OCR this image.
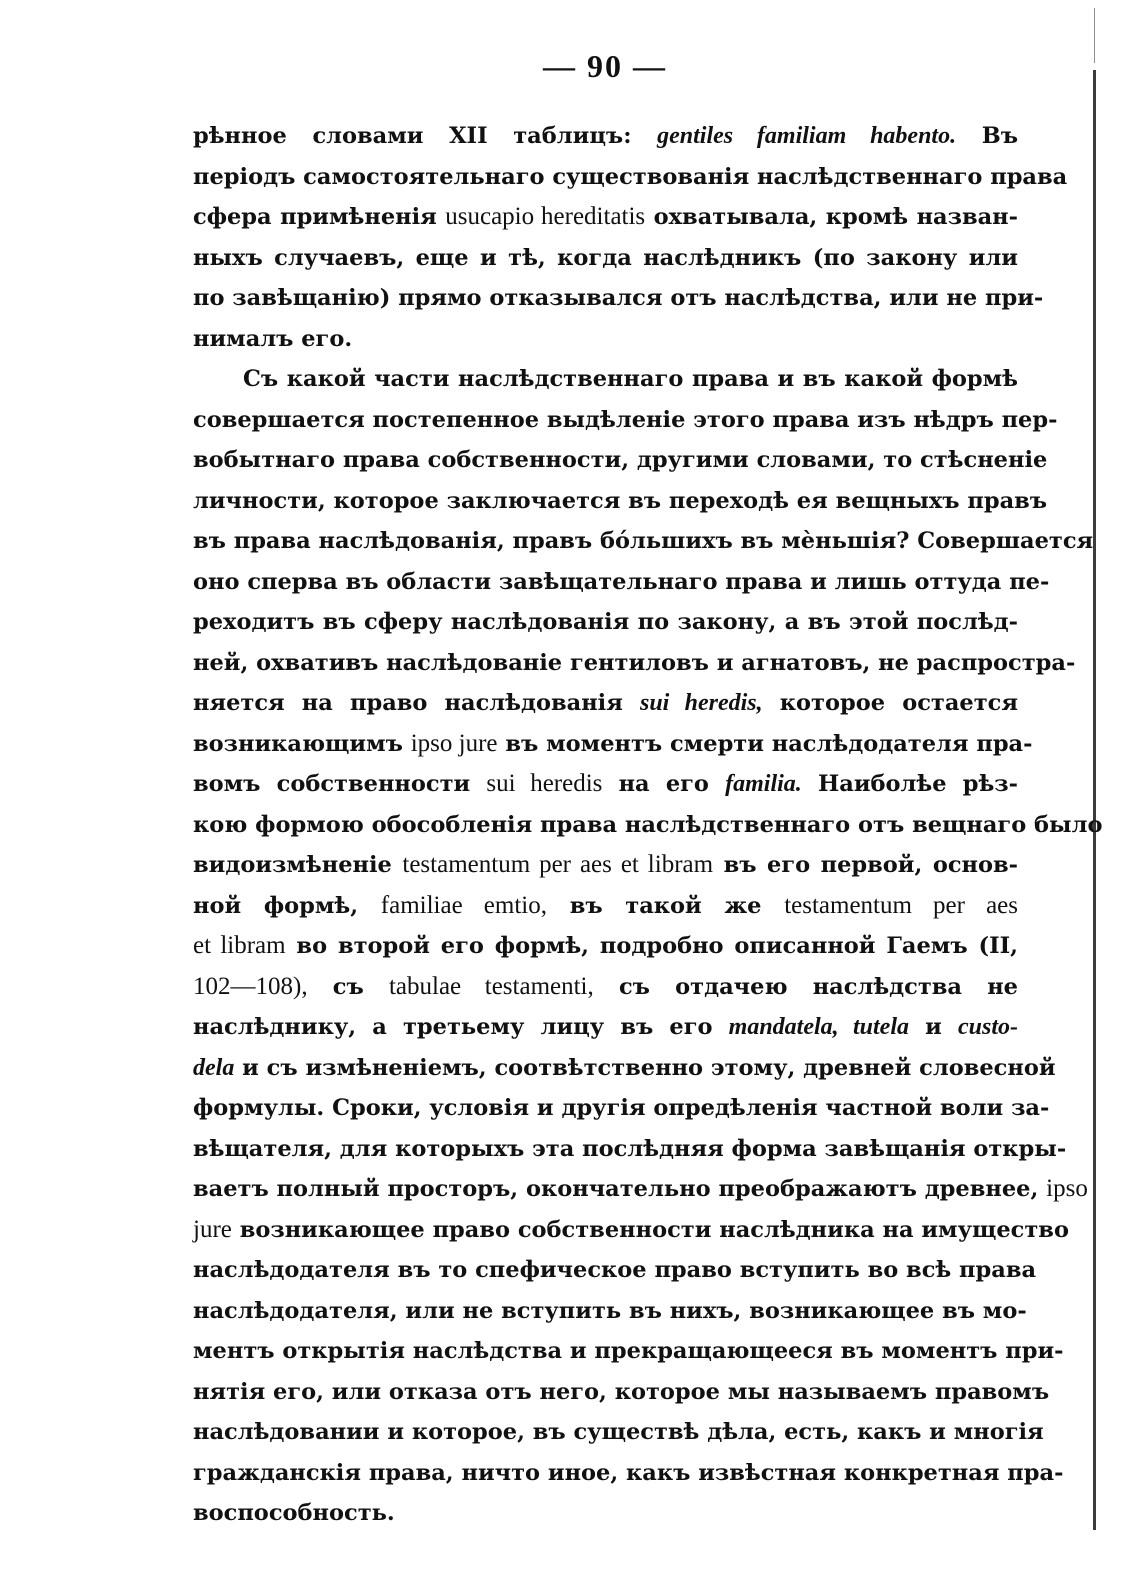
— 90 —

рѣнное словами XII таблицъ: gentiles familiam habento. Въ
періодъ самостоятельнаго существованія наслѣдственнаго права
сфера примѣненія usucapio hereditatis охватывала, кромѣ назван-
ныхъ случаевъ, еще и тѣ, когда наслѣдникъ (по закону или
по завѣщанію) прямо отказывался отъ наслѣдства, или не при-
нималъ его.
Съ какой части наслѣдственнаго права и въ какой формѣ
совершается постепенное выдѣленіе этого права изъ нѣдръ пер-
вобытнаго права собственности, другими словами, то стѣсненіе
личности, которое заключается въ переходѣ ея вещныхъ правъ
въ права наслѣдованія, правъ бо́льшихъ въ мѐньшія? Совершается
оно сперва въ области завѣщательнаго права и лишь оттуда пе-
реходитъ въ сферу наслѣдованія по закону, а въ этой послѣд-
ней, охвативъ наслѣдованіе гентиловъ и агнатовъ, не распростра-
няется на право наслѣдованія sui heredis, которое остается
возникающимъ ipso jure въ моментъ смерти наслѣдодателя пра-
вомъ собственности sui heredis на его familia. Наиболѣе рѣз-
кою формою обособленія права наслѣдственнаго отъ вещнаго было
видоизмѣненіе testamentum per aes et libram въ его первой, основ-
ной формѣ, familiae emtio, въ такой же testamentum per aes
et libram во второй его формѣ, подробно описанной Гаемъ (II,
102—108), съ tabulae testamenti, съ отдачею наслѣдства не
наслѣднику, а третьему лицу въ его mandatela, tutela и custo-
dela и съ измѣненіемъ, соотвѣтственно этому, древней словесной
формулы. Сроки, условія и другія опредѣленія частной воли за-
вѣщателя, для которыхъ эта послѣдняя форма завѣщанія откры-
ваетъ полный просторъ, окончательно преображаютъ древнее, ipso
jure возникающее право собственности наслѣдника на имущество
наслѣдодателя въ то спефическое право вступить во всѣ права
наслѣдодателя, или не вступить въ нихъ, возникающее въ мо-
ментъ открытія наслѣдства и прекращающееся въ моментъ при-
нятія его, или отказа отъ него, которое мы называемъ правомъ
наслѣдовании и которое, въ существѣ дѣла, есть, какъ и многія
гражданскія права, ничто иное, какъ извѣстная конкретная пра-
воспособность.
